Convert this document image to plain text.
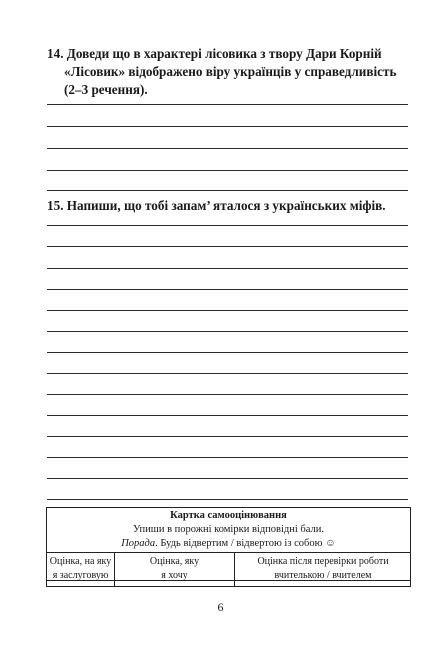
14. Доведи що в характері лісовика з твору Дари Корній
«Лісовик» відображено віру українців у справедливість
(2–3 речення).
15. Напиши, що тобі запам’ яталося з українських міфів.
Картка самооцінювання
Упиши в порожні комірки відповідні бали.
Порада. Будь відвертим / відвертою із собою ☺
Оцінка, на яку
я заслуговую
Оцінка, яку
я хочу
Оцінка після перевірки роботи
вчителькою / вчителем
6
